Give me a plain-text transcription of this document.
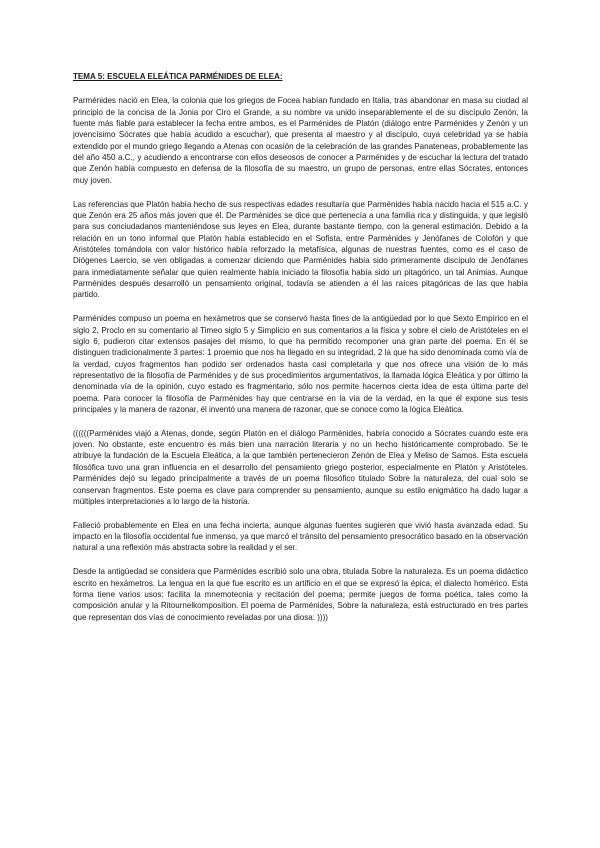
TEMA 5: ESCUELA ELEÁTICA PARMÉNIDES DE ELEA:
Parménides nació en Elea, la colonia que los griegos de Focea habían fundado en Italia, tras abandonar en masa su ciudad al principio de la concisa de la Jonia por Ciro el Grande, a su nombre va unido inseparablemente el de su discípulo Zenón, la fuente más fiable para establecer la fecha entre ambos, es el Parménides de Platón (diálogo entre Parménides y Zenón y un jovencísimo Sócrates que había acudido a escuchar), que presenta al maestro y al discípulo, cuya celebridad ya se había extendido por el mundo griego llegando a Atenas con ocasión de la celebración de las grandes Panateneas, probablemente las del año 450 a.C., y acudiendo a encontrarse con ellos deseosos de conocer a Parménides y de escuchar la lectura del tratado que Zenón había compuesto en defensa de la filosofía de su maestro, un grupo de personas, entre ellas Sócrates, entonces muy joven.
Las referencias que Platón había hecho de sus respectivas edades resultaría que Parménides había nacido hacia el 515 a.C. y que Zenón era 25 años más joven que él. De Parménides se dice que pertenecía a una familia rica y distinguida, y que legisló para sus conciudadanos manteniéndose sus leyes en Elea, durante bastante tiempo, con la general estimación. Debido a la relación en un tono informal que Platón había establecido en el Sofista, entre Parménides y Jenófanes de Colofón y que Aristóteles tomándola con valor histórico había reforzado la metafísica, algunas de nuestras fuentes, como es el caso de Diógenes Laercio, se ven obligadas a comenzar diciendo que Parménides había sido primeramente discípulo de Jenófanes para inmediatamente señalar que quien realmente había iniciado la filosofía había sido un pitagórico, un tal Animias. Aunque Parménides después desarrolló un pensamiento original, todavía se atienden a él las raíces pitagóricas de las que había partido.
Parménides compuso un poema en hexámetros que se conservó hasta fines de la antigüedad por lo que Sexto Empírico en el siglo 2, Proclo en su comentario al Timeo siglo 5 y Simplicio en sus comentarios a la física y sobre el cielo de Aristóteles en el siglo 6, pudieron citar extensos pasajes del mismo, lo que ha permitido recomponer una gran parte del poema. En él se distinguen tradicionalmente 3 partes: 1 proemio que nos ha llegado en su integridad, 2 la que ha sido denominada como vía de la verdad, cuyos fragmentos han podido ser ordenados hasta casi completarla y que nos ofrece una visión de lo más representativo de la filosofía de Parménides y de sus procedimientos argumentativos, la llamada lógica Eleática y por último la denominada vía de la opinión, cuyo estado es fragmentario, sólo nos permite hacernos cierta idea de esta última parte del poema. Para conocer la filosofía de Parménides hay que centrarse en la vía de la verdad, en la que él expone sus tesis principales y la manera de razonar, él inventó una manera de razonar, que se conoce como la lógica Eleática.
((((((Parménides viajó a Atenas, donde, según Platón en el diálogo Parménides, habría conocido a Sócrates cuando este era joven. No obstante, este encuentro es más bien una narración literaria y no un hecho históricamente comprobado. Se le atribuye la fundación de la Escuela Eleática, a la que también pertenecieron Zenón de Elea y Meliso de Samos. Esta escuela filosófica tuvo una gran influencia en el desarrollo del pensamiento griego posterior, especialmente en Platón y Aristóteles. Parménides dejó su legado principalmente a través de un poema filosófico titulado Sobre la naturaleza, del cual solo se conservan fragmentos. Este poema es clave para comprender su pensamiento, aunque su estilo enigmático ha dado lugar a múltiples interpretaciones a lo largo de la historia.
Falleció probablemente en Elea en una fecha incierta, aunque algunas fuentes sugieren que vivió hasta avanzada edad. Su impacto en la filosofía occidental fue inmenso, ya que marcó el tránsito del pensamiento presocrático basado en la observación natural a una reflexión más abstracta sobre la realidad y el ser.
Desde la antigüedad se considera que Parménides escribió solo una obra, titulada Sobre la naturaleza. Es un poema didáctico escrito en hexámetros. La lengua en la que fue escrito es un artificio en el que se expresó la épica, el dialecto homérico. Esta forma tiene varios usos: facilita la mnemotecnia y recitación del poema; permite juegos de forma poética, tales como la composición anular y la Ritournelkomposition. El poema de Parménides, Sobre la naturaleza, está estructurado en tres partes que representan dos vías de conocimiento reveladas por una diosa: ))))
